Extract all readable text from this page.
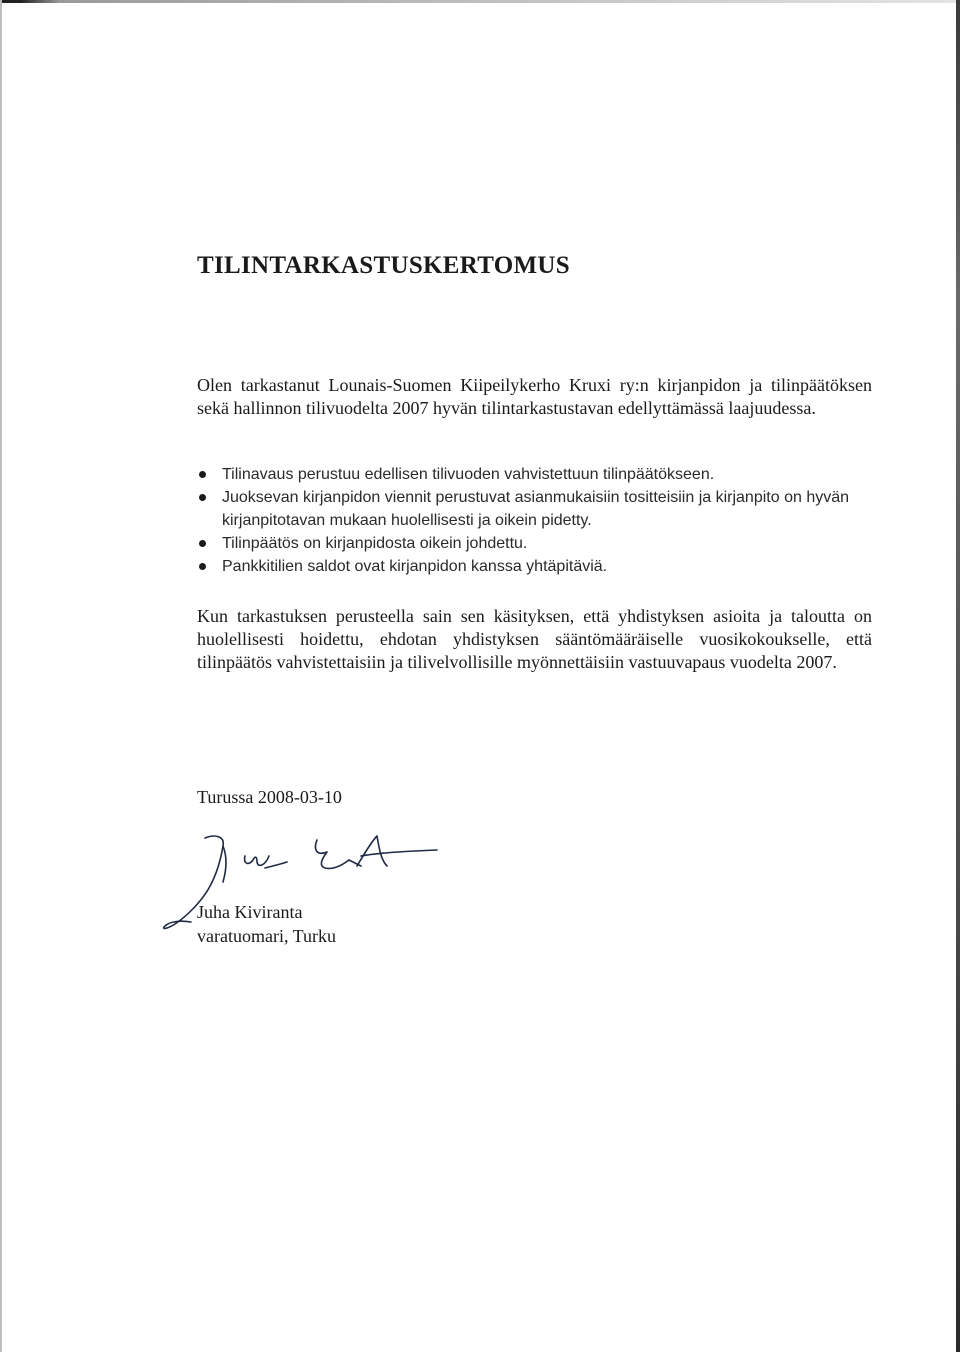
TILINTARKASTUSKERTOMUS

Olen tarkastanut Lounais-Suomen Kiipeilykerho Kruxi ry:n kirjanpidon ja tilinpäätöksen sekä hallinnon tilivuodelta 2007 hyvän tilintarkastustavan edellyttämässä laajuudessa.

Tilinavaus perustuu edellisen tilivuoden vahvistettuun tilinpäätökseen.
Juoksevan kirjanpidon viennit perustuvat asianmukaisiin tositteisiin ja kirjanpito on hyvän kirjanpitotavan mukaan huolellisesti ja oikein pidetty.
Tilinpäätös on kirjanpidosta oikein johdettu.
Pankkitilien saldot ovat kirjanpidon kanssa yhtäpitäviä.

Kun tarkastuksen perusteella sain sen käsityksen, että yhdistyksen asioita ja taloutta on huolellisesti hoidettu, ehdotan yhdistyksen sääntömääräiselle vuosikokoukselle, että tilinpäätös vahvistettaisiin ja tilivelvollisille myönnettäisiin vastuuvapaus vuodelta 2007.

Turussa 2008-03-10

Juha Kiviranta

varatuomari, Turku
